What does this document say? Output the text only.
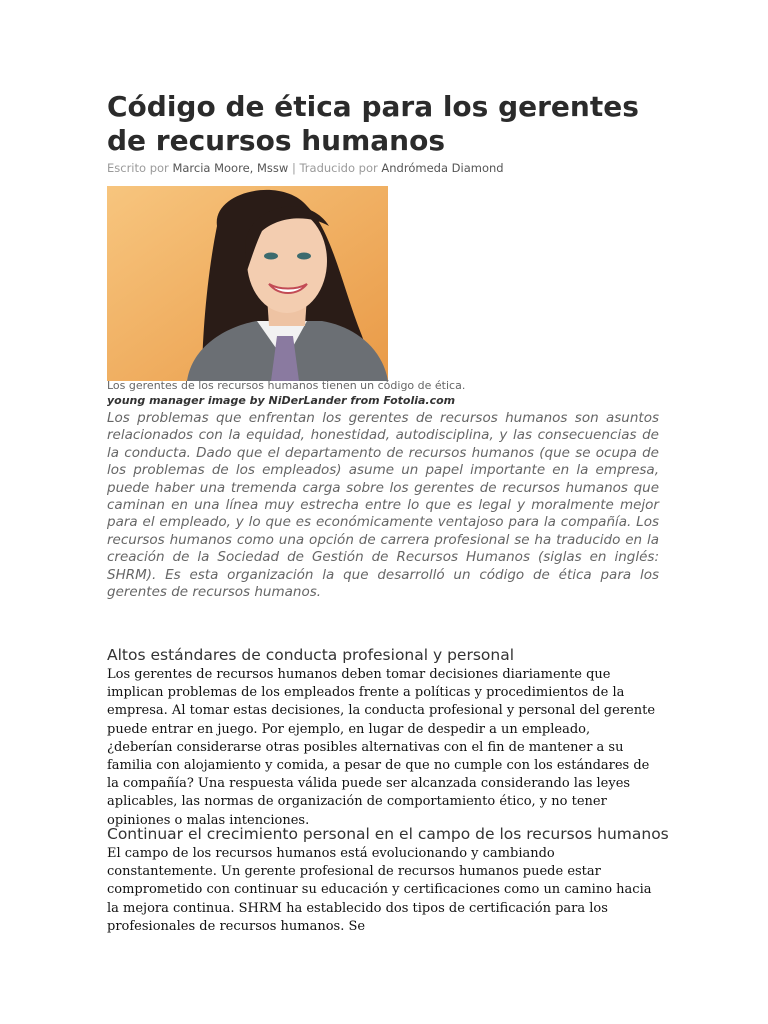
Código de ética para los gerentes de recursos humanos
Escrito por Marcia Moore, Mssw | Traducido por Andrómeda Diamond
Los gerentes de los recursos humanos tienen un código de ética.
young manager image by NiDerLander from Fotolia.com

Los problemas que enfrentan los gerentes de recursos humanos son asuntos relacionados con la equidad, honestidad, autodisciplina, y las consecuencias de la conducta. Dado que el departamento de recursos humanos (que se ocupa de los problemas de los empleados) asume un papel importante en la empresa, puede haber una tremenda carga sobre los gerentes de recursos humanos que caminan en una línea muy estrecha entre lo que es legal y moralmente mejor para el empleado, y lo que es económicamente ventajoso para la compañía. Los recursos humanos como una opción de carrera profesional se ha traducido en la creación de la Sociedad de Gestión de Recursos Humanos (siglas en inglés: SHRM). Es esta organización la que desarrolló un código de ética para los gerentes de recursos humanos.

Altos estándares de conducta profesional y personal

Los gerentes de recursos humanos deben tomar decisiones diariamente que implican problemas de los empleados frente a políticas y procedimientos de la empresa. Al tomar estas decisiones, la conducta profesional y personal del gerente puede entrar en juego. Por ejemplo, en lugar de despedir a un empleado, ¿deberían considerarse otras posibles alternativas con el fin de mantener a su familia con alojamiento y comida, a pesar de que no cumple con los estándares de la compañía? Una respuesta válida puede ser alcanzada considerando las leyes aplicables, las normas de organización de comportamiento ético, y no tener opiniones o malas intenciones.

Continuar el crecimiento personal en el campo de los recursos humanos

El campo de los recursos humanos está evolucionando y cambiando constantemente. Un gerente profesional de recursos humanos puede estar comprometido con continuar su educación y certificaciones como un camino hacia la mejora continua. SHRM ha establecido dos tipos de certificación para los profesionales de recursos humanos. Se
